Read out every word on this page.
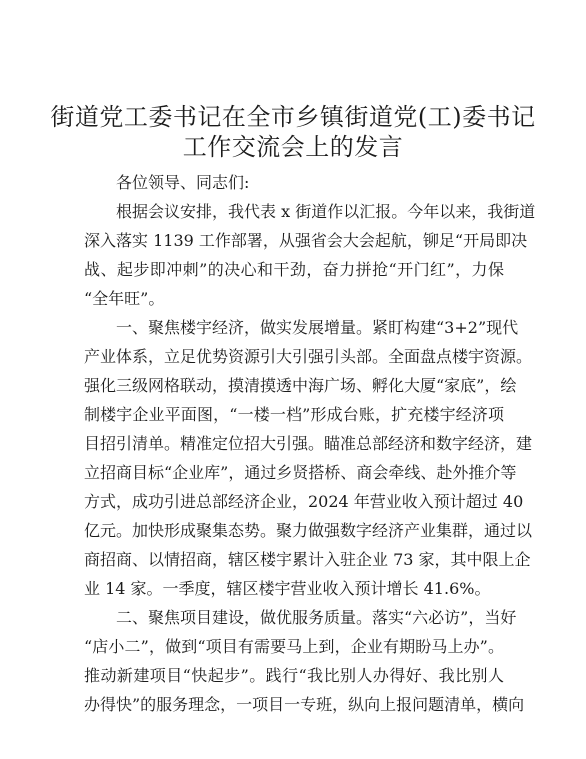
街道党工委书记在全市乡镇街道党(工)委书记
工作交流会上的发言

各位领导、同志们:

根据会议安排，我代表 x 街道作以汇报。今年以来，我街道
深入落实 1139 工作部署，从强省会大会起航，铆足“开局即决
战、起步即冲刺”的决心和干劲，奋力拼抢“开门红”，力保
“全年旺”。
一、聚焦楼宇经济，做实发展增量。紧盯构建“3+2”现代
产业体系，立足优势资源引大引强引头部。全面盘点楼宇资源。
强化三级网格联动，摸清摸透中海广场、孵化大厦“家底”，绘
制楼宇企业平面图，“一楼一档”形成台账，扩充楼宇经济项
目招引清单。精准定位招大引强。瞄准总部经济和数字经济，建
立招商目标“企业库”，通过乡贤搭桥、商会牵线、赴外推介等
方式，成功引进总部经济企业，2024 年营业收入预计超过 40
亿元。加快形成聚集态势。聚力做强数字经济产业集群，通过以
商招商、以情招商，辖区楼宇累计入驻企业 73 家，其中限上企
业 14 家。一季度，辖区楼宇营业收入预计增长 41.6%。
二、聚焦项目建设，做优服务质量。落实“六必访”，当好
“店小二”，做到“项目有需要马上到，企业有期盼马上办”。
推动新建项目“快起步”。践行“我比别人办得好、我比别人
办得快”的服务理念，一项目一专班，纵向上报问题清单，横向
